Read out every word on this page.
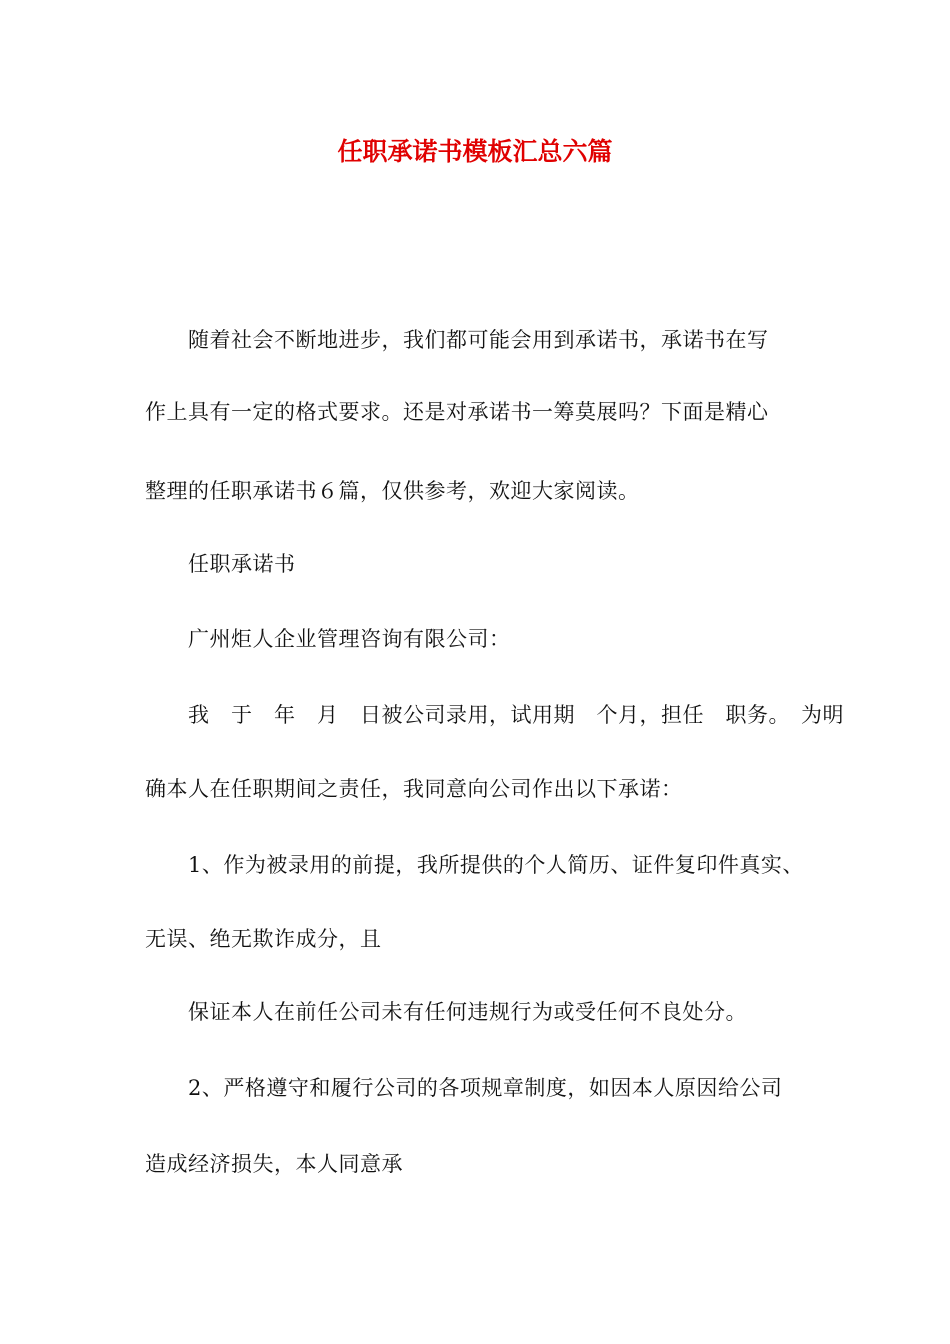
任职承诺书模板汇总六篇
随着社会不断地进步，我们都可能会用到承诺书，承诺书在写
作上具有一定的格式要求。还是对承诺书一筹莫展吗？下面是精心
整理的任职承诺书６篇，仅供参考，欢迎大家阅读。
任职承诺书
广州炬人企业管理咨询有限公司：
我　于　年　月　日被公司录用，试用期　个月，担任　职务。　为明
确本人在任职期间之责任，我同意向公司作出以下承诺：
1、作为被录用的前提，我所提供的个人简历、证件复印件真实、
无误、绝无欺诈成分，且
保证本人在前任公司未有任何违规行为或受任何不良处分。
2、严格遵守和履行公司的各项规章制度，如因本人原因给公司
造成经济损失，本人同意承
